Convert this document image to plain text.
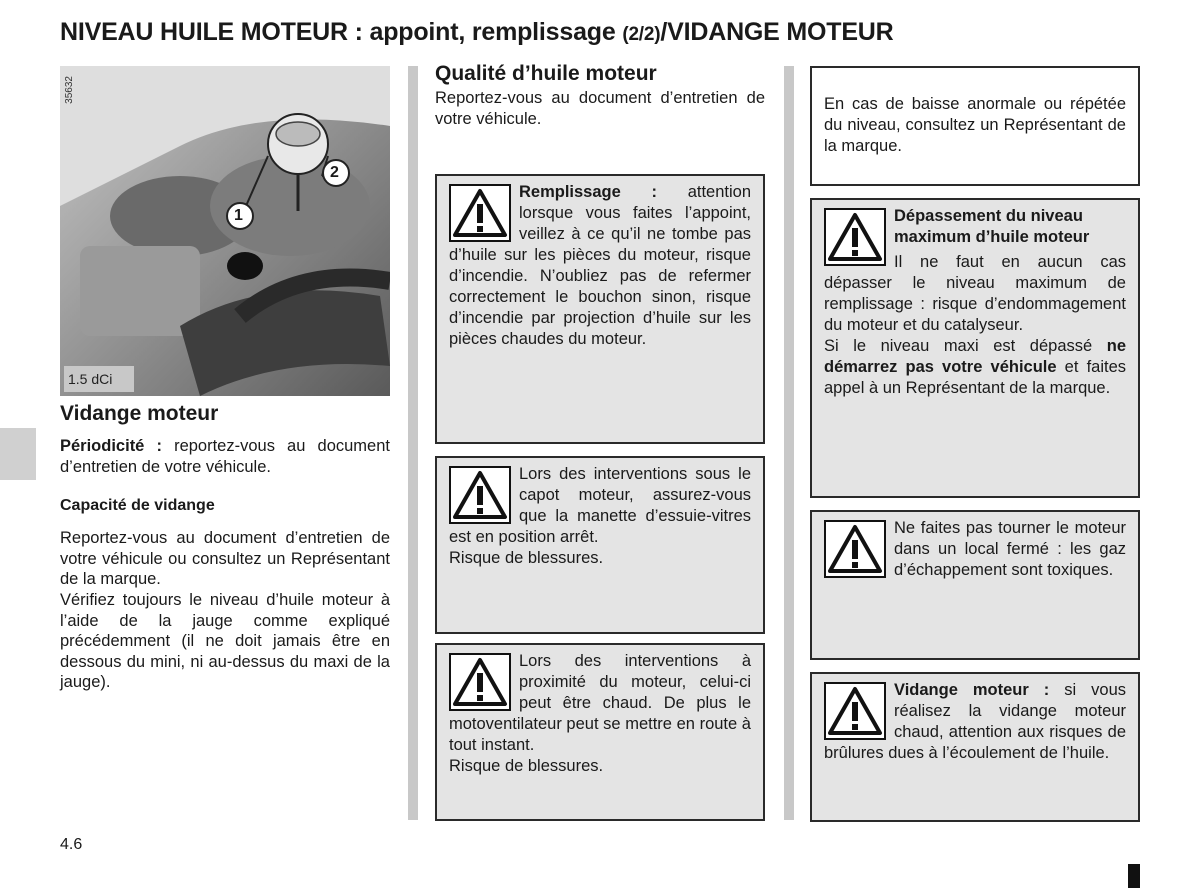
NIVEAU HUILE MOTEUR : appoint, remplissage (2/2)/VIDANGE MOTEUR
35632
1
2
1.5 dCi
Vidange moteur
Périodicité : reportez-vous au document d’entretien de votre véhicule.
Capacité de vidange
Reportez-vous au document d’entretien de votre véhicule ou consultez un Représentant de la marque.
Vérifiez toujours le niveau d’huile moteur à l’aide de la jauge comme expliqué précédemment (il ne doit jamais être en dessous du mini, ni au-dessus du maxi de la jauge).
Qualité d’huile moteur
Reportez-vous au document d’entretien de votre véhicule.
Remplissage : attention lorsque vous faites l’appoint, veillez à ce qu’il ne tombe pas d’huile sur les pièces du moteur, risque d’incendie. N’oubliez pas de refermer correctement le bouchon sinon, risque d’incendie par projection d’huile sur les pièces chaudes du moteur.
Lors des interventions sous le capot moteur, assurez-vous que la manette d’essuie-vitres est en position arrêt.
Risque de blessures.
Lors des interventions à proximité du moteur, celui-ci peut être chaud. De plus le motoventilateur peut se mettre en route à tout instant.
Risque de blessures.
En cas de baisse anormale ou répétée du niveau, consultez un Représentant de la marque.
Dépassement du niveau maximum d’huile moteur
Il ne faut en aucun cas dépasser le niveau maximum de remplissage : risque d’endommagement du moteur et du catalyseur.
Si le niveau maxi est dépassé ne démarrez pas votre véhicule et faites appel à un Représentant de la marque.
Ne faites pas tourner le moteur dans un local fermé : les gaz d’échappement sont toxiques.
Vidange moteur : si vous réalisez la vidange moteur chaud, attention aux risques de brûlures dues à l’écoulement de l’huile.
4.6
